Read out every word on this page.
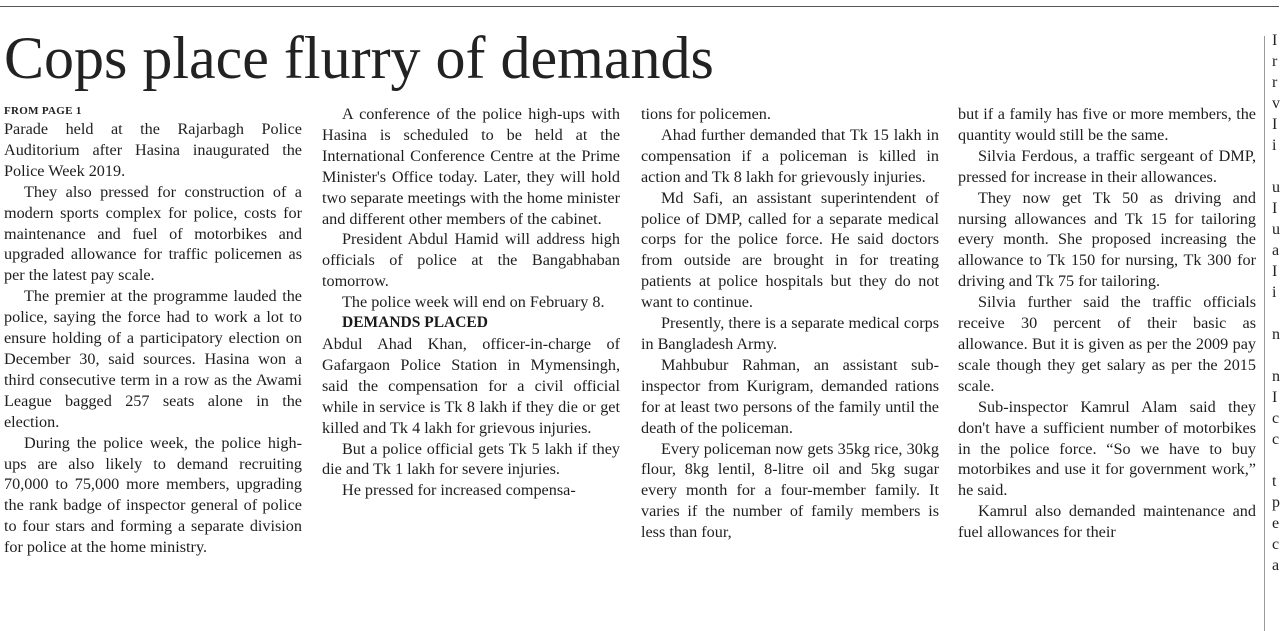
Cops place flurry of demands
FROM PAGE 1

Parade held at the Rajarbagh Police Auditorium after Hasina inaugurated the Police Week 2019.

They also pressed for construction of a modern sports complex for police, costs for maintenance and fuel of motorbikes and upgraded allowance for traffic policemen as per the latest pay scale.

The premier at the programme lauded the police, saying the force had to work a lot to ensure holding of a participatory election on December 30, said sources. Hasina won a third consecutive term in a row as the Awami League bagged 257 seats alone in the election.

During the police week, the police high-ups are also likely to demand recruiting 70,000 to 75,000 more members, upgrading the rank badge of inspector general of police to four stars and forming a separate division for police at the home ministry.

A conference of the police high-ups with Hasina is scheduled to be held at the International Conference Centre at the Prime Minister's Office today. Later, they will hold two separate meetings with the home minister and different other members of the cabinet.

President Abdul Hamid will address high officials of police at the Bangabhaban tomorrow.

The police week will end on February 8.

DEMANDS PLACED

Abdul Ahad Khan, officer-in-charge of Gafargaon Police Station in Mymensingh, said the compensation for a civil official while in service is Tk 8 lakh if they die or get killed and Tk 4 lakh for grievous injuries.

But a police official gets Tk 5 lakh if they die and Tk 1 lakh for severe injuries.

He pressed for increased compensa-

tions for policemen.

Ahad further demanded that Tk 15 lakh in compensation if a policeman is killed in action and Tk 8 lakh for grievously injuries.

Md Safi, an assistant superintendent of police of DMP, called for a separate medical corps for the police force. He said doctors from outside are brought in for treating patients at police hospitals but they do not want to continue.

Presently, there is a separate medical corps in Bangladesh Army.

Mahbubur Rahman, an assistant sub-inspector from Kurigram, demanded rations for at least two persons of the family until the death of the policeman.

Every policeman now gets 35kg rice, 30kg flour, 8kg lentil, 8-litre oil and 5kg sugar every month for a four-member family. It varies if the number of family members is less than four,

but if a family has five or more members, the quantity would still be the same.

Silvia Ferdous, a traffic sergeant of DMP, pressed for increase in their allowances.

They now get Tk 50 as driving and nursing allowances and Tk 15 for tailoring every month. She proposed increasing the allowance to Tk 150 for nursing, Tk 300 for driving and Tk 75 for tailoring.

Silvia further said the traffic officials receive 30 percent of their basic as allowance. But it is given as per the 2009 pay scale though they get salary as per the 2015 scale.

Sub-inspector Kamrul Alam said they don't have a sufficient number of motorbikes in the police force. “So we have to buy motorbikes and use it for government work,” he said.

Kamrul also demanded maintenance and fuel allowances for their

I
r
r
v
I
i
u
I
u
a
I
i
n
n
I
c
c
t
p
e
c
a
